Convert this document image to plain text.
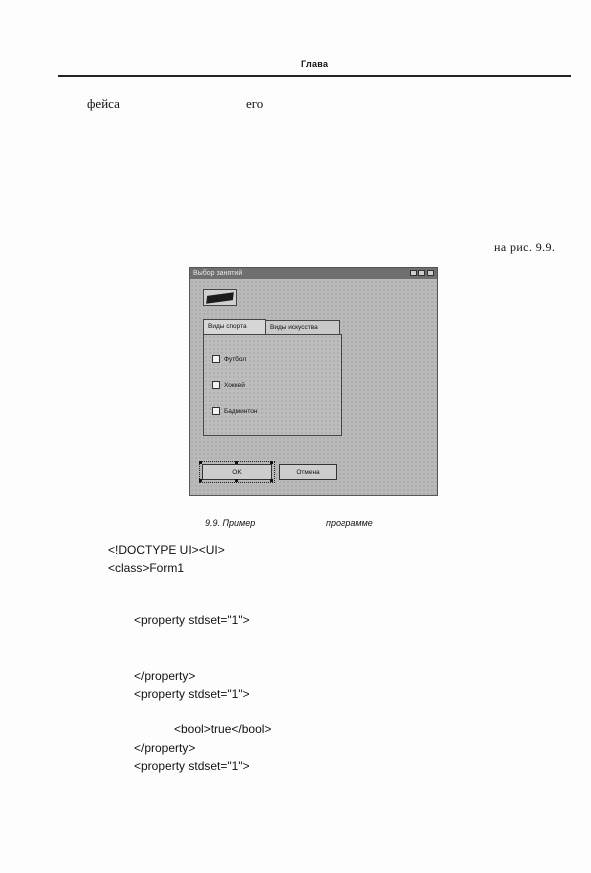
Глава
фейса	его
на рис. 9.9.
Выбор занятий
Виды спорта	Виды искусства
Футбол
Хоккей
Бадминтон
OK	Отмена
9.9. Пример	программе
<!DOCTYPE UI><UI>
<class>Form1
<property stdset="1">
</property>
<property stdset="1">
<bool>true</bool>
</property>
<property stdset="1">
